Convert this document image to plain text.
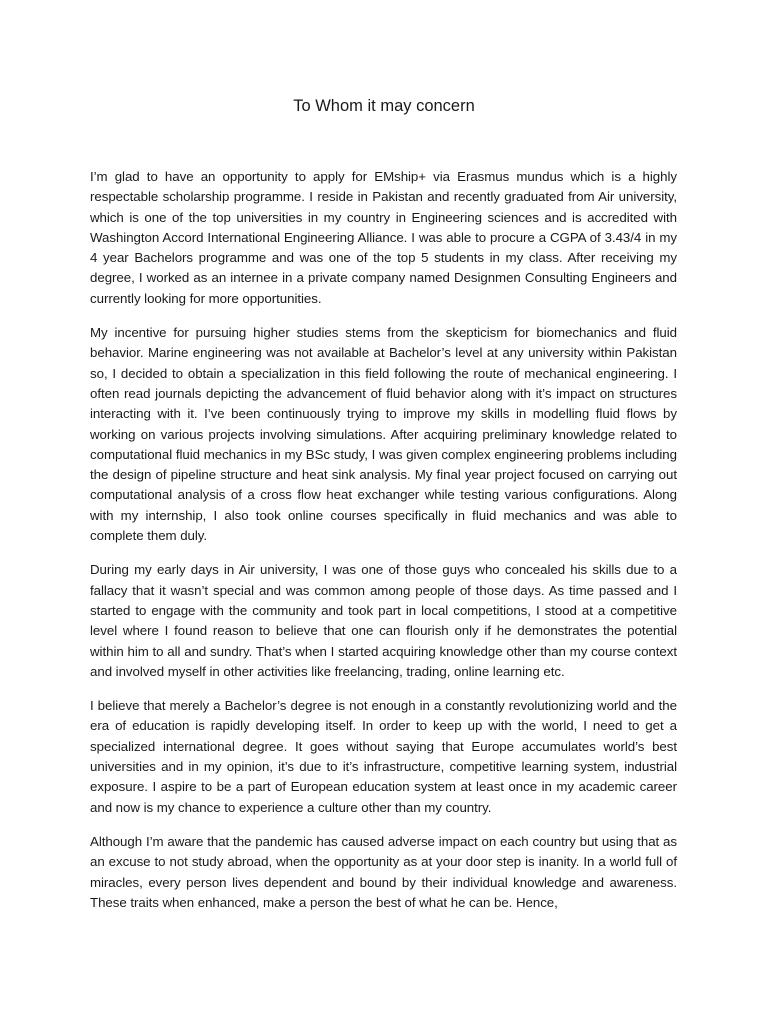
To Whom it may concern

I’m glad to have an opportunity to apply for EMship+ via Erasmus mundus which is a highly respectable scholarship programme. I reside in Pakistan and recently graduated from Air university, which is one of the top universities in my country in Engineering sciences and is accredited with Washington Accord International Engineering Alliance. I was able to procure a CGPA of 3.43/4 in my 4 year Bachelors programme and was one of the top 5 students in my class. After receiving my degree, I worked as an internee in a private company named Designmen Consulting Engineers and currently looking for more opportunities.

My incentive for pursuing higher studies stems from the skepticism for biomechanics and fluid behavior. Marine engineering was not available at Bachelor’s level at any university within Pakistan so, I decided to obtain a specialization in this field following the route of mechanical engineering. I often read journals depicting the advancement of fluid behavior along with it’s impact on structures interacting with it. I’ve been continuously trying to improve my skills in modelling fluid flows by working on various projects involving simulations. After acquiring preliminary knowledge related to computational fluid mechanics in my BSc study, I was given complex engineering problems including the design of pipeline structure and heat sink analysis. My final year project focused on carrying out computational analysis of a cross flow heat exchanger while testing various configurations. Along with my internship, I also took online courses specifically in fluid mechanics and was able to complete them duly.

During my early days in Air university, I was one of those guys who concealed his skills due to a fallacy that it wasn’t special and was common among people of those days. As time passed and I started to engage with the community and took part in local competitions, I stood at a competitive level where I found reason to believe that one can flourish only if he demonstrates the potential within him to all and sundry. That’s when I started acquiring knowledge other than my course context and involved myself in other activities like freelancing, trading, online learning etc.

I believe that merely a Bachelor’s degree is not enough in a constantly revolutionizing world and the era of education is rapidly developing itself. In order to keep up with the world, I need to get a specialized international degree. It goes without saying that Europe accumulates world’s best universities and in my opinion, it’s due to it’s infrastructure, competitive learning system, industrial exposure. I aspire to be a part of European education system at least once in my academic career and now is my chance to experience a culture other than my country.

Although I’m aware that the pandemic has caused adverse impact on each country but using that as an excuse to not study abroad, when the opportunity as at your door step is inanity. In a world full of miracles, every person lives dependent and bound by their individual knowledge and awareness. These traits when enhanced, make a person the best of what he can be. Hence,
